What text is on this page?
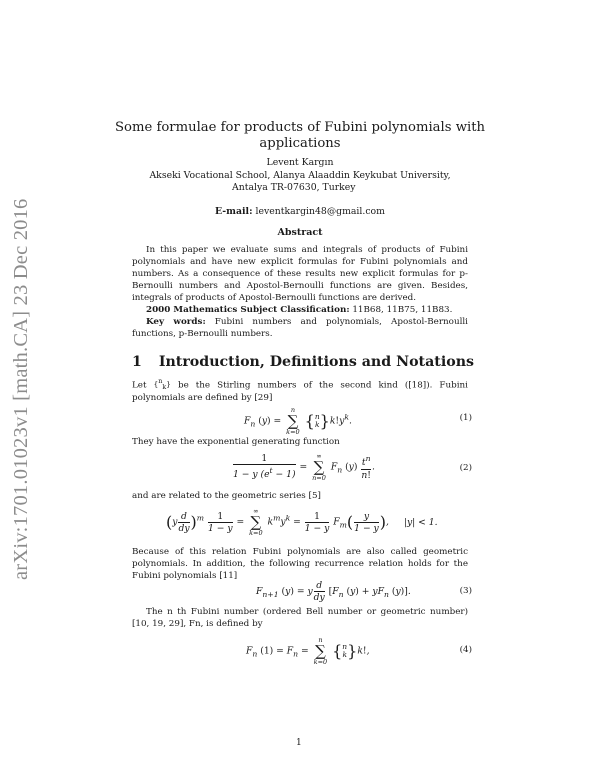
arXiv:1701.01023v1 [math.CA] 23 Dec 2016
Some formulae for products of Fubini polynomials with
applications
Levent Kargın
Akseki Vocational School, Alanya Alaaddin Keykubat University,
Antalya TR-07630, Turkey
E-mail: leventkargin48@gmail.com
Abstract
In this paper we evaluate sums and integrals of products of Fubini polynomials and have new explicit formulas for Fubini polynomials and numbers. As a consequence of these results new explicit formulas for p-Bernoulli numbers and Apostol-Bernoulli functions are given. Besides, integrals of products of Apostol-Bernoulli functions are derived.
2000 Mathematics Subject Classification: 11B68, 11B75, 11B83.
Key words: Fubini numbers and polynomials, Apostol-Bernoulli functions, p-Bernoulli numbers.
1 Introduction, Definitions and Notations
Let {$^n_k$} be the Stirling numbers of the second kind ([18]). Fubini polynomials are defined by [29]
$F_n$ (y) =
n
∑
k=0
{n
$k\}k!y^k$.	(1)
They have the exponential generating function
$\frac{1}{1 - y (e^t - 1)}$ =
∞
∑
n=0
$F_n$ $(y) \frac{t^n}{n!}$ .	(2)
and are related to the geometric series [5]
$(y \frac{d}{dy} )^m \frac{1}{1 - y}$ =
∞
∑
k=0
$k^my^k = \frac{1}{1 - y} F_m( \frac{y}{1 - y}$ ), |y| < 1.
Because of this relation Fubini polynomials are also called geometric polynomials. In addition, the following recurrence relation holds for the Fubini polynomials [11]
$F_{n+1}$ (y) = y $\frac{d}{dy} [F_n$ $(y) + yF_n$ (y)].	(3)
The n th Fubini number (ordered Bell number or geometric number) [10, 19, 29], Fn, is defined by
$F_n$ $(1) = F_n$ =
n
∑
k=0
{n
k}k!,	(4)
1
